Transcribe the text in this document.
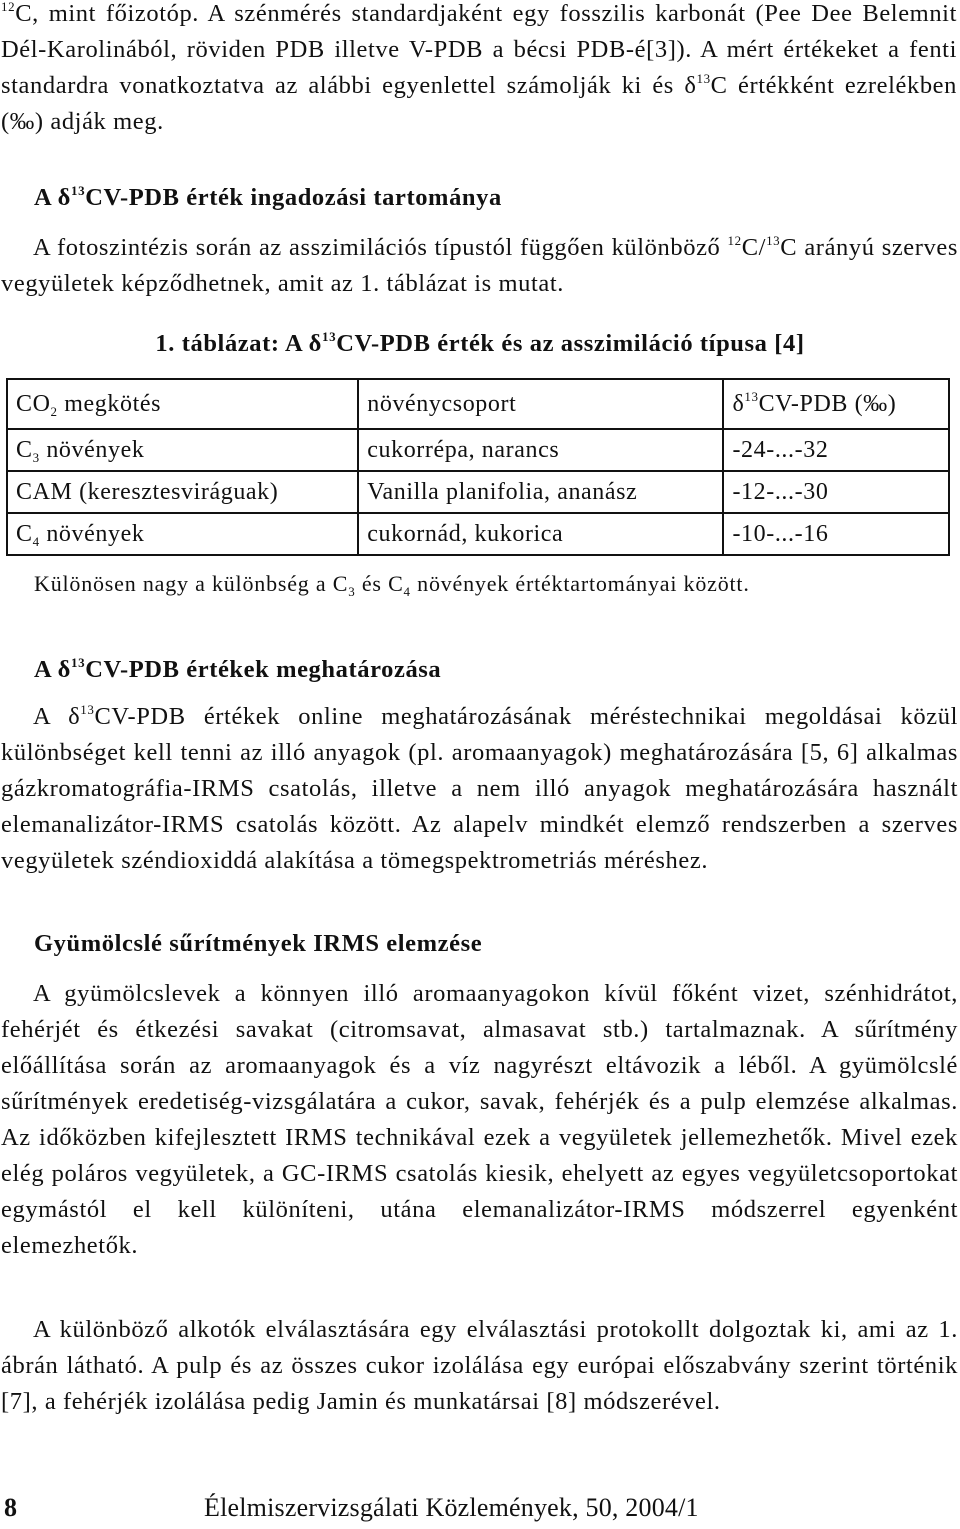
$^{12}$C, mint főizotóp. A szénmérés standardjaként egy fosszilis karbonát (Pee Dee Belemnit Dél-Karolinából, röviden PDB illetve V-PDB a bécsi PDB-é[3]). A mért értékeket a fenti standardra vonatkoztatva az alábbi egyenlettel számolják ki és $\delta^{13}C$ értékként ezrelékben (‰) adják meg.

A $\delta^{13}CV$-PDB érték ingadozási tartománya

A fotoszintézis során az asszimilációs típustól függően különböző $^{12}$C/$^{13}$C arányú szerves vegyületek képződhetnek, amit az 1. táblázat is mutat.

1. táblázat: A $\delta^{13}CV$-PDB érték és az asszimiláció típusa [4]
$CO_2$ megkötés	növénycsoport	$\delta^{13}CV$-PDB (‰)
$C_3$ növények	cukorrépa, narancs	-24-...-32
CAM (keresztesviráguak)	Vanilla planifolia, ananász	-12-...-30
$C_4$ növények	cukornád, kukorica	-10-...-16
Különösen nagy a különbség a $C_3$ és $C_4$ növények értéktartományai között.
A $\delta^{13}CV$-PDB értékek meghatározása

A $\delta^{13}CV$-PDB értékek online meghatározásának méréstechnikai megoldásai közül különbséget kell tenni az illó anyagok (pl. aromaanyagok) meghatározására [5, 6] alkalmas gázkromatográfia-IRMS csatolás, illetve a nem illó anyagok meghatározására használt elemanalizátor-IRMS csatolás között. Az alapelv mindkét elemző rendszerben a szerves vegyületek széndioxiddá alakítása a tömegspektrometriás méréshez.

Gyümölcslé sűrítmények IRMS elemzése

A gyümölcslevek a könnyen illó aromaanyagokon kívül főként vizet, szénhidrátot, fehérjét és étkezési savakat (citromsavat, almasavat stb.) tartalmaznak. A sűrítmény előállítása során az aromaanyagok és a víz nagyrészt eltávozik a léből. A gyümölcslé sűrítmények eredetiség-vizsgálatára a cukor, savak, fehérjék és a pulp elemzése alkalmas. Az időközben kifejlesztett IRMS technikával ezek a vegyületek jellemezhetők. Mivel ezek elég poláros vegyületek, a GC-IRMS csatolás kiesik, ehelyett az egyes vegyületcsoportokat egymástól el kell különíteni, utána elemanalizátor-IRMS módszerrel egyenként elemezhetők.

A különböző alkotók elválasztására egy elválasztási protokollt dolgoztak ki, ami az 1. ábrán látható. A pulp és az összes cukor izolálása egy európai előszabvány szerint történik [7], a fehérjék izolálása pedig Jamin és munkatársai [8] módszerével.

8	Élelmiszervizsgálati Közlemények, 50, 2004/1
